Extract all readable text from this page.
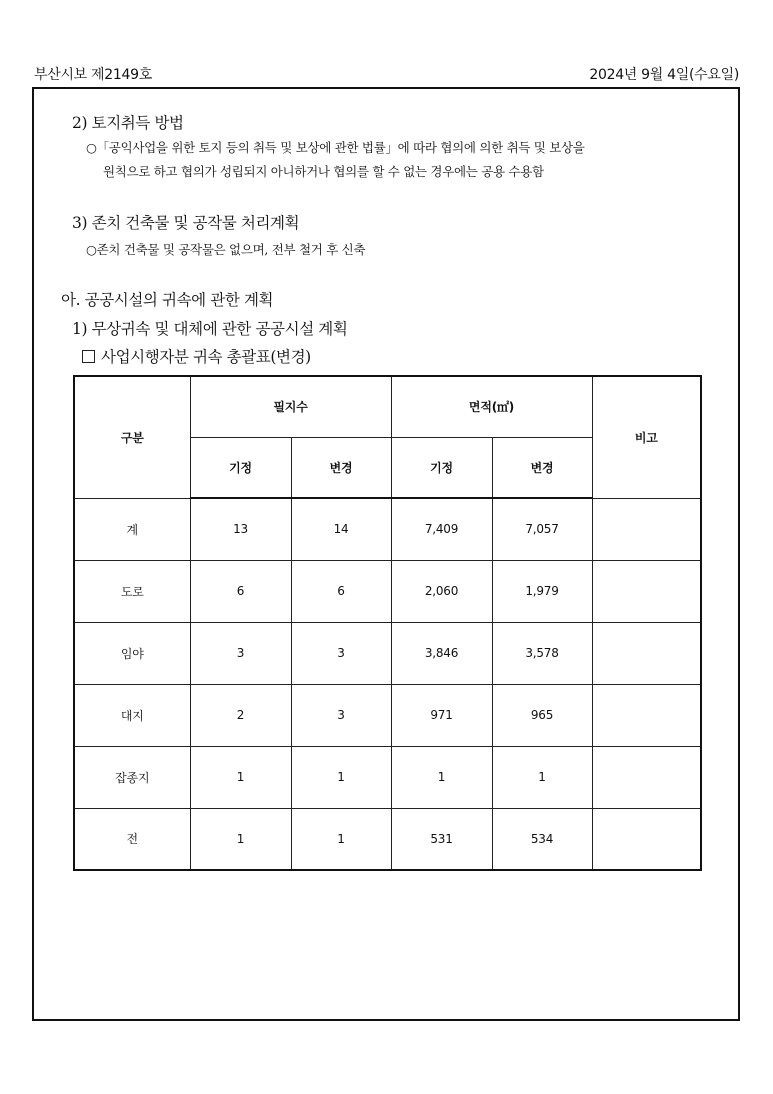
부산시보 제2149호	2024년 9월 4일(수요일)
2) 토지취득 방법
○「공익사업을 위한 토지 등의 취득 및 보상에 관한 법률」에 따라 협의에 의한 취득 및 보상을
원칙으로 하고 협의가 성립되지 아니하거나 협의를 할 수 없는 경우에는 공용 수용함
3) 존치 건축물 및 공작물 처리계획
○존치 건축물 및 공작물은 없으며, 전부 철거 후 신축
아. 공공시설의 귀속에 관한 계획
1) 무상귀속 및 대체에 관한 공공시설 계획
사업시행자분 귀속 총괄표(변경)
구분	필지수		면적(㎡)		비고
	기정	변경	기정	변경	
계	13	14	7,409	7,057	
도로	6	6	2,060	1,979	
임야	3	3	3,846	3,578	
대지	2	3	971	965	
잡종지	1	1	1	1	
전	1	1	531	534	
